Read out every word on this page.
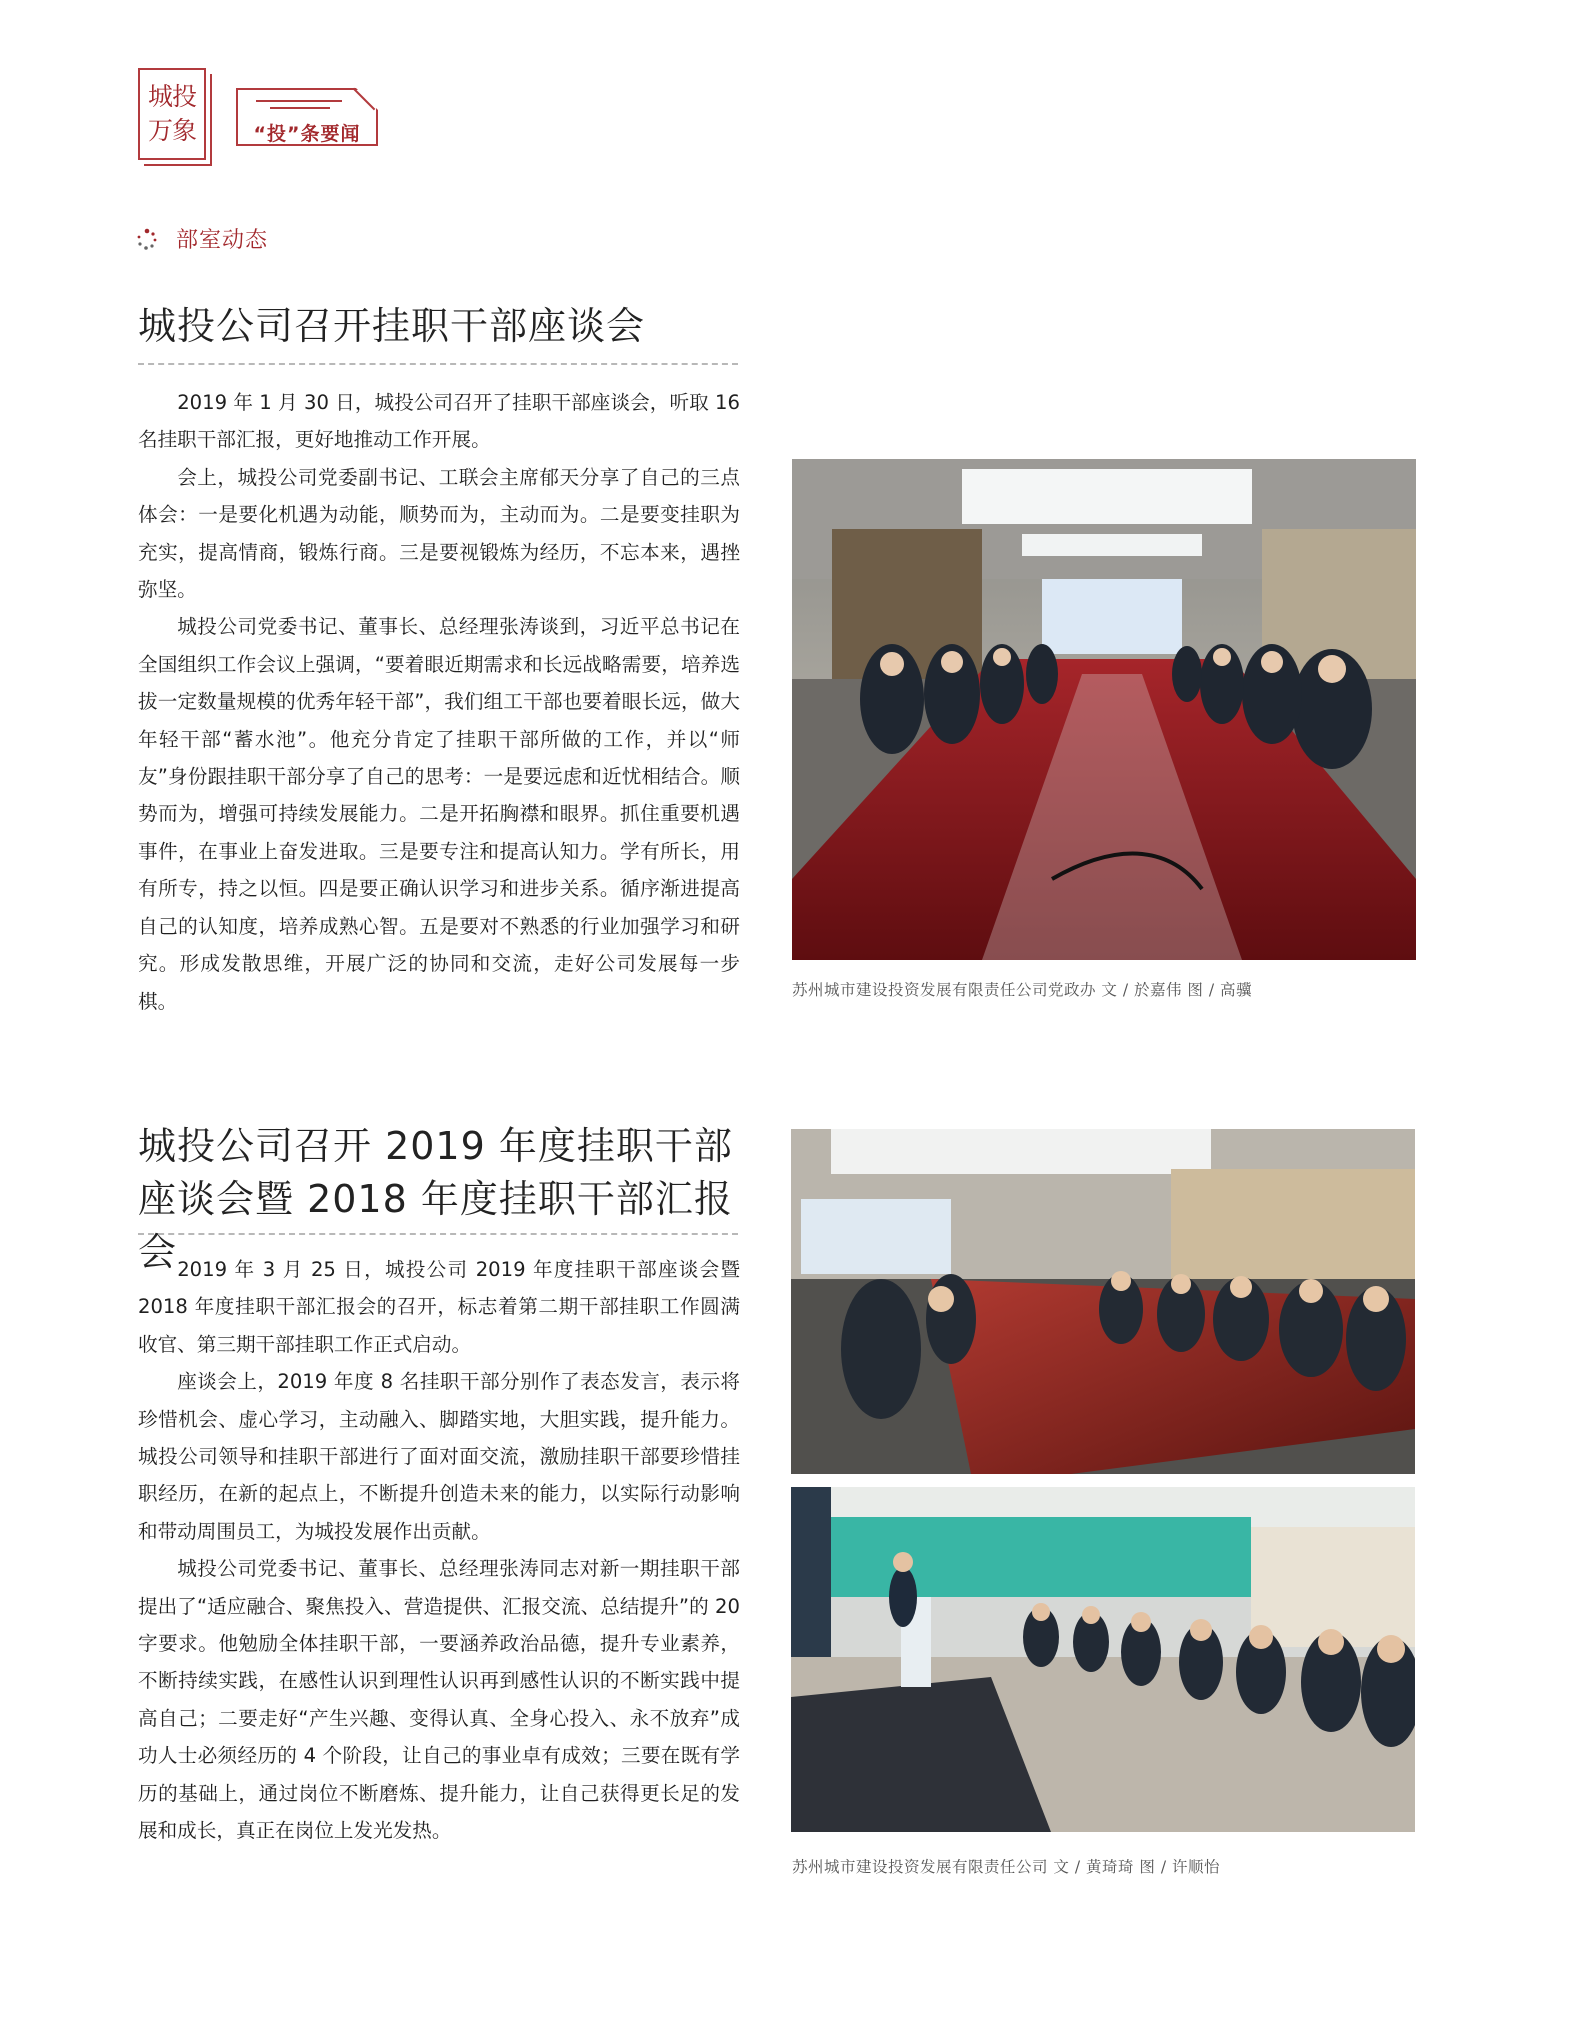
城投
万象	“投”条要闻
部室动态
城投公司召开挂职干部座谈会

2019 年 1 月 30 日，城投公司召开了挂职干部座谈会，听取 16 名挂职干部汇报，更好地推动工作开展。

会上，城投公司党委副书记、工联会主席郁天分享了自己的三点体会：一是要化机遇为动能，顺势而为，主动而为。二是要变挂职为充实，提高情商，锻炼行商。三是要视锻炼为经历，不忘本来，遇挫弥坚。

城投公司党委书记、董事长、总经理张涛谈到，习近平总书记在全国组织工作会议上强调，“要着眼近期需求和长远战略需要，培养选拔一定数量规模的优秀年轻干部”，我们组工干部也要着眼长远，做大年轻干部“蓄水池”。他充分肯定了挂职干部所做的工作，并以“师友”身份跟挂职干部分享了自己的思考：一是要远虑和近忧相结合。顺势而为，增强可持续发展能力。二是开拓胸襟和眼界。抓住重要机遇事件，在事业上奋发进取。三是要专注和提高认知力。学有所长，用有所专，持之以恒。四是要正确认识学习和进步关系。循序渐进提高自己的认知度，培养成熟心智。五是要对不熟悉的行业加强学习和研究。形成发散思维，开展广泛的协同和交流，走好公司发展每一步棋。	苏州城市建设投资发展有限责任公司党政办 文 / 於嘉伟 图 / 高骥
城投公司召开 2019 年度挂职干部座谈会暨 2018 年度挂职干部汇报会 2019 年 3 月 25 日，城投公司 2019 年度挂职干部座谈会暨 2018 年度挂职干部汇报会的召开，标志着第二期干部挂职工作圆满收官、第三期干部挂职工作正式启动。

座谈会上，2019 年度 8 名挂职干部分别作了表态发言，表示将珍惜机会、虚心学习，主动融入、脚踏实地，大胆实践，提升能力。城投公司领导和挂职干部进行了面对面交流，激励挂职干部要珍惜挂职经历，在新的起点上，不断提升创造未来的能力，以实际行动影响和带动周围员工，为城投发展作出贡献。

城投公司党委书记、董事长、总经理张涛同志对新一期挂职干部提出了“适应融合、聚焦投入、营造提供、汇报交流、总结提升”的 20 字要求。他勉励全体挂职干部，一要涵养政治品德，提升专业素养，不断持续实践，在感性认识到理性认识再到感性认识的不断实践中提高自己；二要走好“产生兴趣、变得认真、全身心投入、永不放弃”成功人士必须经历的 4 个阶段，让自己的事业卓有成效；三要在既有学历的基础上，通过岗位不断磨炼、提升能力，让自己获得更长足的发展和成长，真正在岗位上发光发热。

苏州城市建设投资发展有限责任公司 文 / 黄琦琦 图 / 许顺怡
